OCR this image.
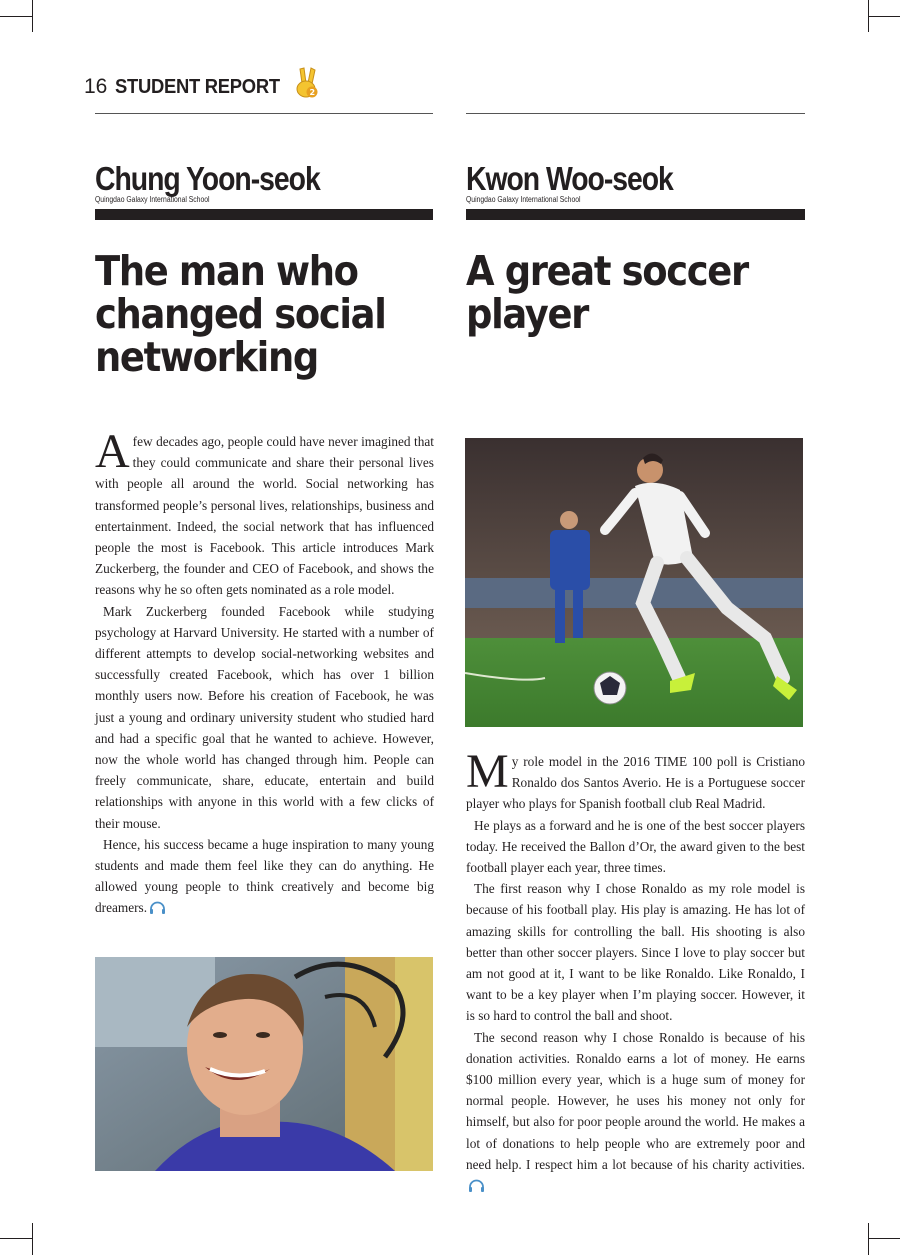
16 STUDENT REPORT	2
Chung Yoon-seok
Quingdao Galaxy International School
The man who
changed social
networking

A few decades ago, people could have never imagined that they could communicate and share their personal lives with people all around the world. Social networking has transformed people’s personal lives, relationships, business and entertainment. Indeed, the social network that has influenced people the most is Facebook. This article introduces Mark Zuckerberg, the founder and CEO of Facebook, and shows the reasons why he so often gets nominated as a role model.

Mark Zuckerberg founded Facebook while studying psychology at Harvard University. He started with a number of different attempts to develop social-networking websites and successfully created Facebook, which has over 1 billion monthly users now. Before his creation of Facebook, he was just a young and ordinary university student who studied hard and had a specific goal that he wanted to achieve. However, now the whole world has changed through him. People can freely communicate, share, educate, entertain and build relationships with anyone in this world with a few clicks of their mouse.

Hence, his success became a huge inspiration to many young students and made them feel like they can do anything. He allowed young people to think creatively and become big dreamers.

Kwon Woo-seok
Quingdao Galaxy International School
A great soccer
player

My role model in the 2016 TIME 100 poll is Cristiano Ronaldo dos Santos Averio. He is a Portuguese soccer player who plays for Spanish football club Real Madrid.

He plays as a forward and he is one of the best soccer players today. He received the Ballon d’Or, the award given to the best football player each year, three times.

The first reason why I chose Ronaldo as my role model is because of his football play. His play is amazing. He has lot of amazing skills for controlling the ball. His shooting is also better than other soccer players. Since I love to play soccer but am not good at it, I want to be like Ronaldo. Like Ronaldo, I want to be a key player when I’m playing soccer. However, it is so hard to control the ball and shoot.

The second reason why I chose Ronaldo is because of his donation activities. Ronaldo earns a lot of money. He earns $100 million every year, which is a huge sum of money for normal people. However, he uses his money not only for himself, but also for poor people around the world. He makes a lot of donations to help people who are extremely poor and need help. I respect him a lot because of his charity activities.
